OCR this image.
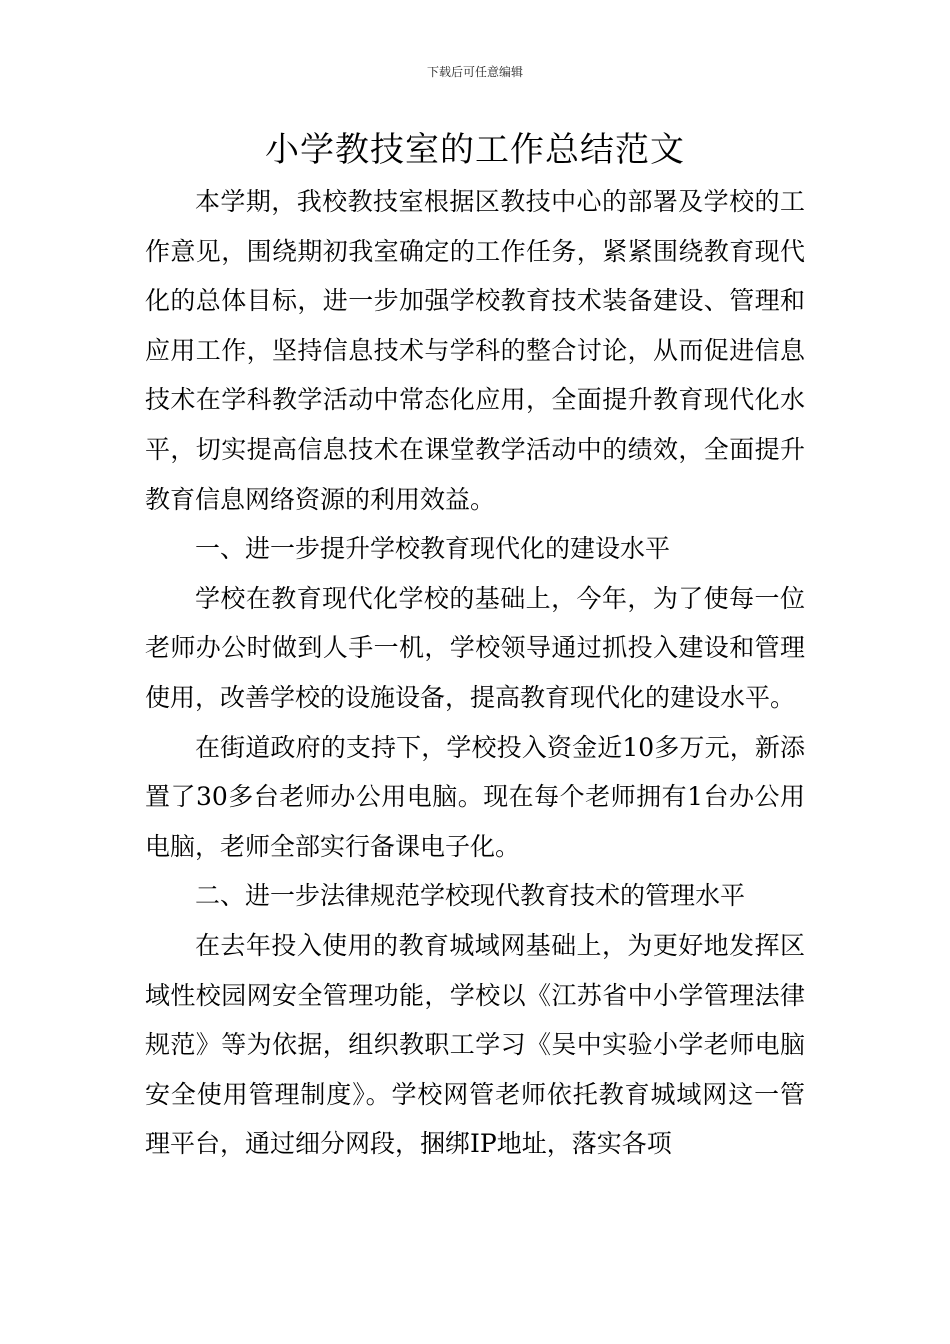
下载后可任意编辑
小学教技室的工作总结范文

本学期，我校教技室根据区教技中心的部署及学校的工作意见，围绕期初我室确定的工作任务，紧紧围绕教育现代化的总体目标，进一步加强学校教育技术装备建设、管理和应用工作，坚持信息技术与学科的整合讨论，从而促进信息技术在学科教学活动中常态化应用，全面提升教育现代化水平，切实提高信息技术在课堂教学活动中的绩效，全面提升教育信息网络资源的利用效益。

一、进一步提升学校教育现代化的建设水平

学校在教育现代化学校的基础上，今年，为了使每一位老师办公时做到人手一机，学校领导通过抓投入建设和管理使用，改善学校的设施设备，提高教育现代化的建设水平。

在街道政府的支持下，学校投入资金近10多万元，新添置了30多台老师办公用电脑。现在每个老师拥有1台办公用电脑，老师全部实行备课电子化。

二、进一步法律规范学校现代教育技术的管理水平

在去年投入使用的教育城域网基础上，为更好地发挥区域性校园网安全管理功能，学校以《江苏省中小学管理法律规范》等为依据，组织教职工学习《吴中实验小学老师电脑安全使用管理制度》。学校网管老师依托教育城域网这一管理平台，通过细分网段，捆绑IP地址，落实各项
